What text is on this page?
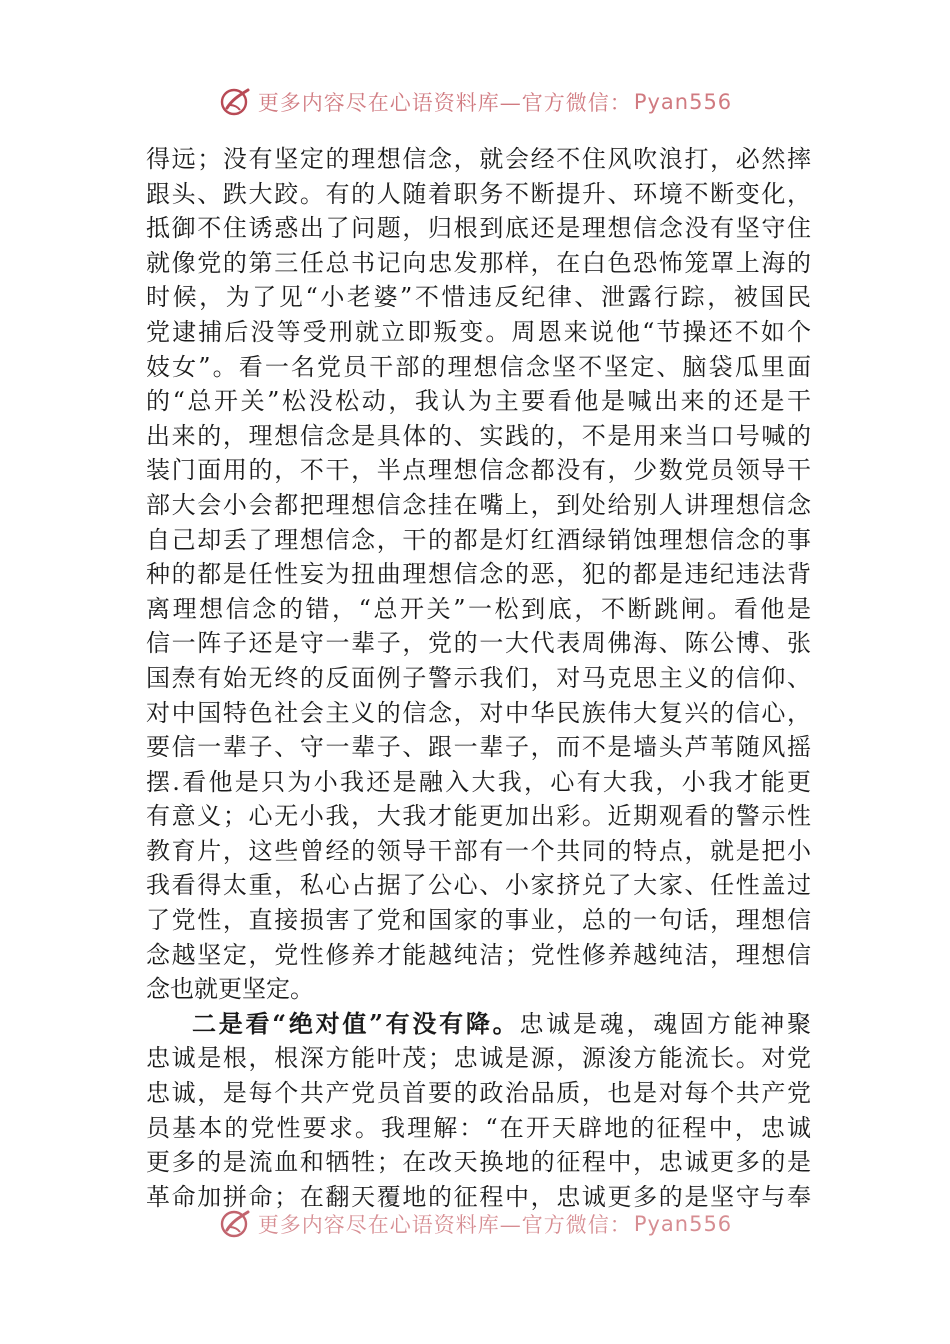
更多内容尽在心语资料库—官方微信： Pyan556
得远；没有坚定的理想信念，就会经不住风吹浪打，必然摔
跟头、跌大跤。有的人随着职务不断提升、环境不断变化，
抵御不住诱惑出了问题，归根到底还是理想信念没有坚守住
就像党的第三任总书记向忠发那样，在白色恐怖笼罩上海的
时候，为了见“小老婆”不惜违反纪律、泄露行踪，被国民
党逮捕后没等受刑就立即叛变。周恩来说他“节操还不如个
妓女”。看一名党员干部的理想信念坚不坚定、脑袋瓜里面
的“总开关”松没松动，我认为主要看他是喊出来的还是干
出来的，理想信念是具体的、实践的，不是用来当口号喊的
装门面用的，不干，半点理想信念都没有，少数党员领导干
部大会小会都把理想信念挂在嘴上，到处给别人讲理想信念
自己却丢了理想信念，干的都是灯红酒绿销蚀理想信念的事
种的都是任性妄为扭曲理想信念的恶，犯的都是违纪违法背
离理想信念的错，“总开关”一松到底，不断跳闸。看他是
信一阵子还是守一辈子，党的一大代表周佛海、陈公博、张
国焘有始无终的反面例子警示我们，对马克思主义的信仰、
对中国特色社会主义的信念，对中华民族伟大复兴的信心，
要信一辈子、守一辈子、跟一辈子，而不是墙头芦苇随风摇
摆.看他是只为小我还是融入大我，心有大我，小我才能更
有意义；心无小我，大我才能更加出彩。近期观看的警示性
教育片，这些曾经的领导干部有一个共同的特点，就是把小
我看得太重，私心占据了公心、小家挤兑了大家、任性盖过
了党性，直接损害了党和国家的事业，总的一句话，理想信
念越坚定，党性修养才能越纯洁；党性修养越纯洁，理想信
念也就更坚定。
二是看“绝对值”有没有降。忠诚是魂，魂固方能神聚
忠诚是根，根深方能叶茂；忠诚是源，源浚方能流长。对党
忠诚，是每个共产党员首要的政治品质，也是对每个共产党
员基本的党性要求。我理解：“在开天辟地的征程中，忠诚
更多的是流血和牺牲；在改天换地的征程中，忠诚更多的是
革命加拼命；在翻天覆地的征程中，忠诚更多的是坚守与奉
更多内容尽在心语资料库—官方微信： Pyan556
